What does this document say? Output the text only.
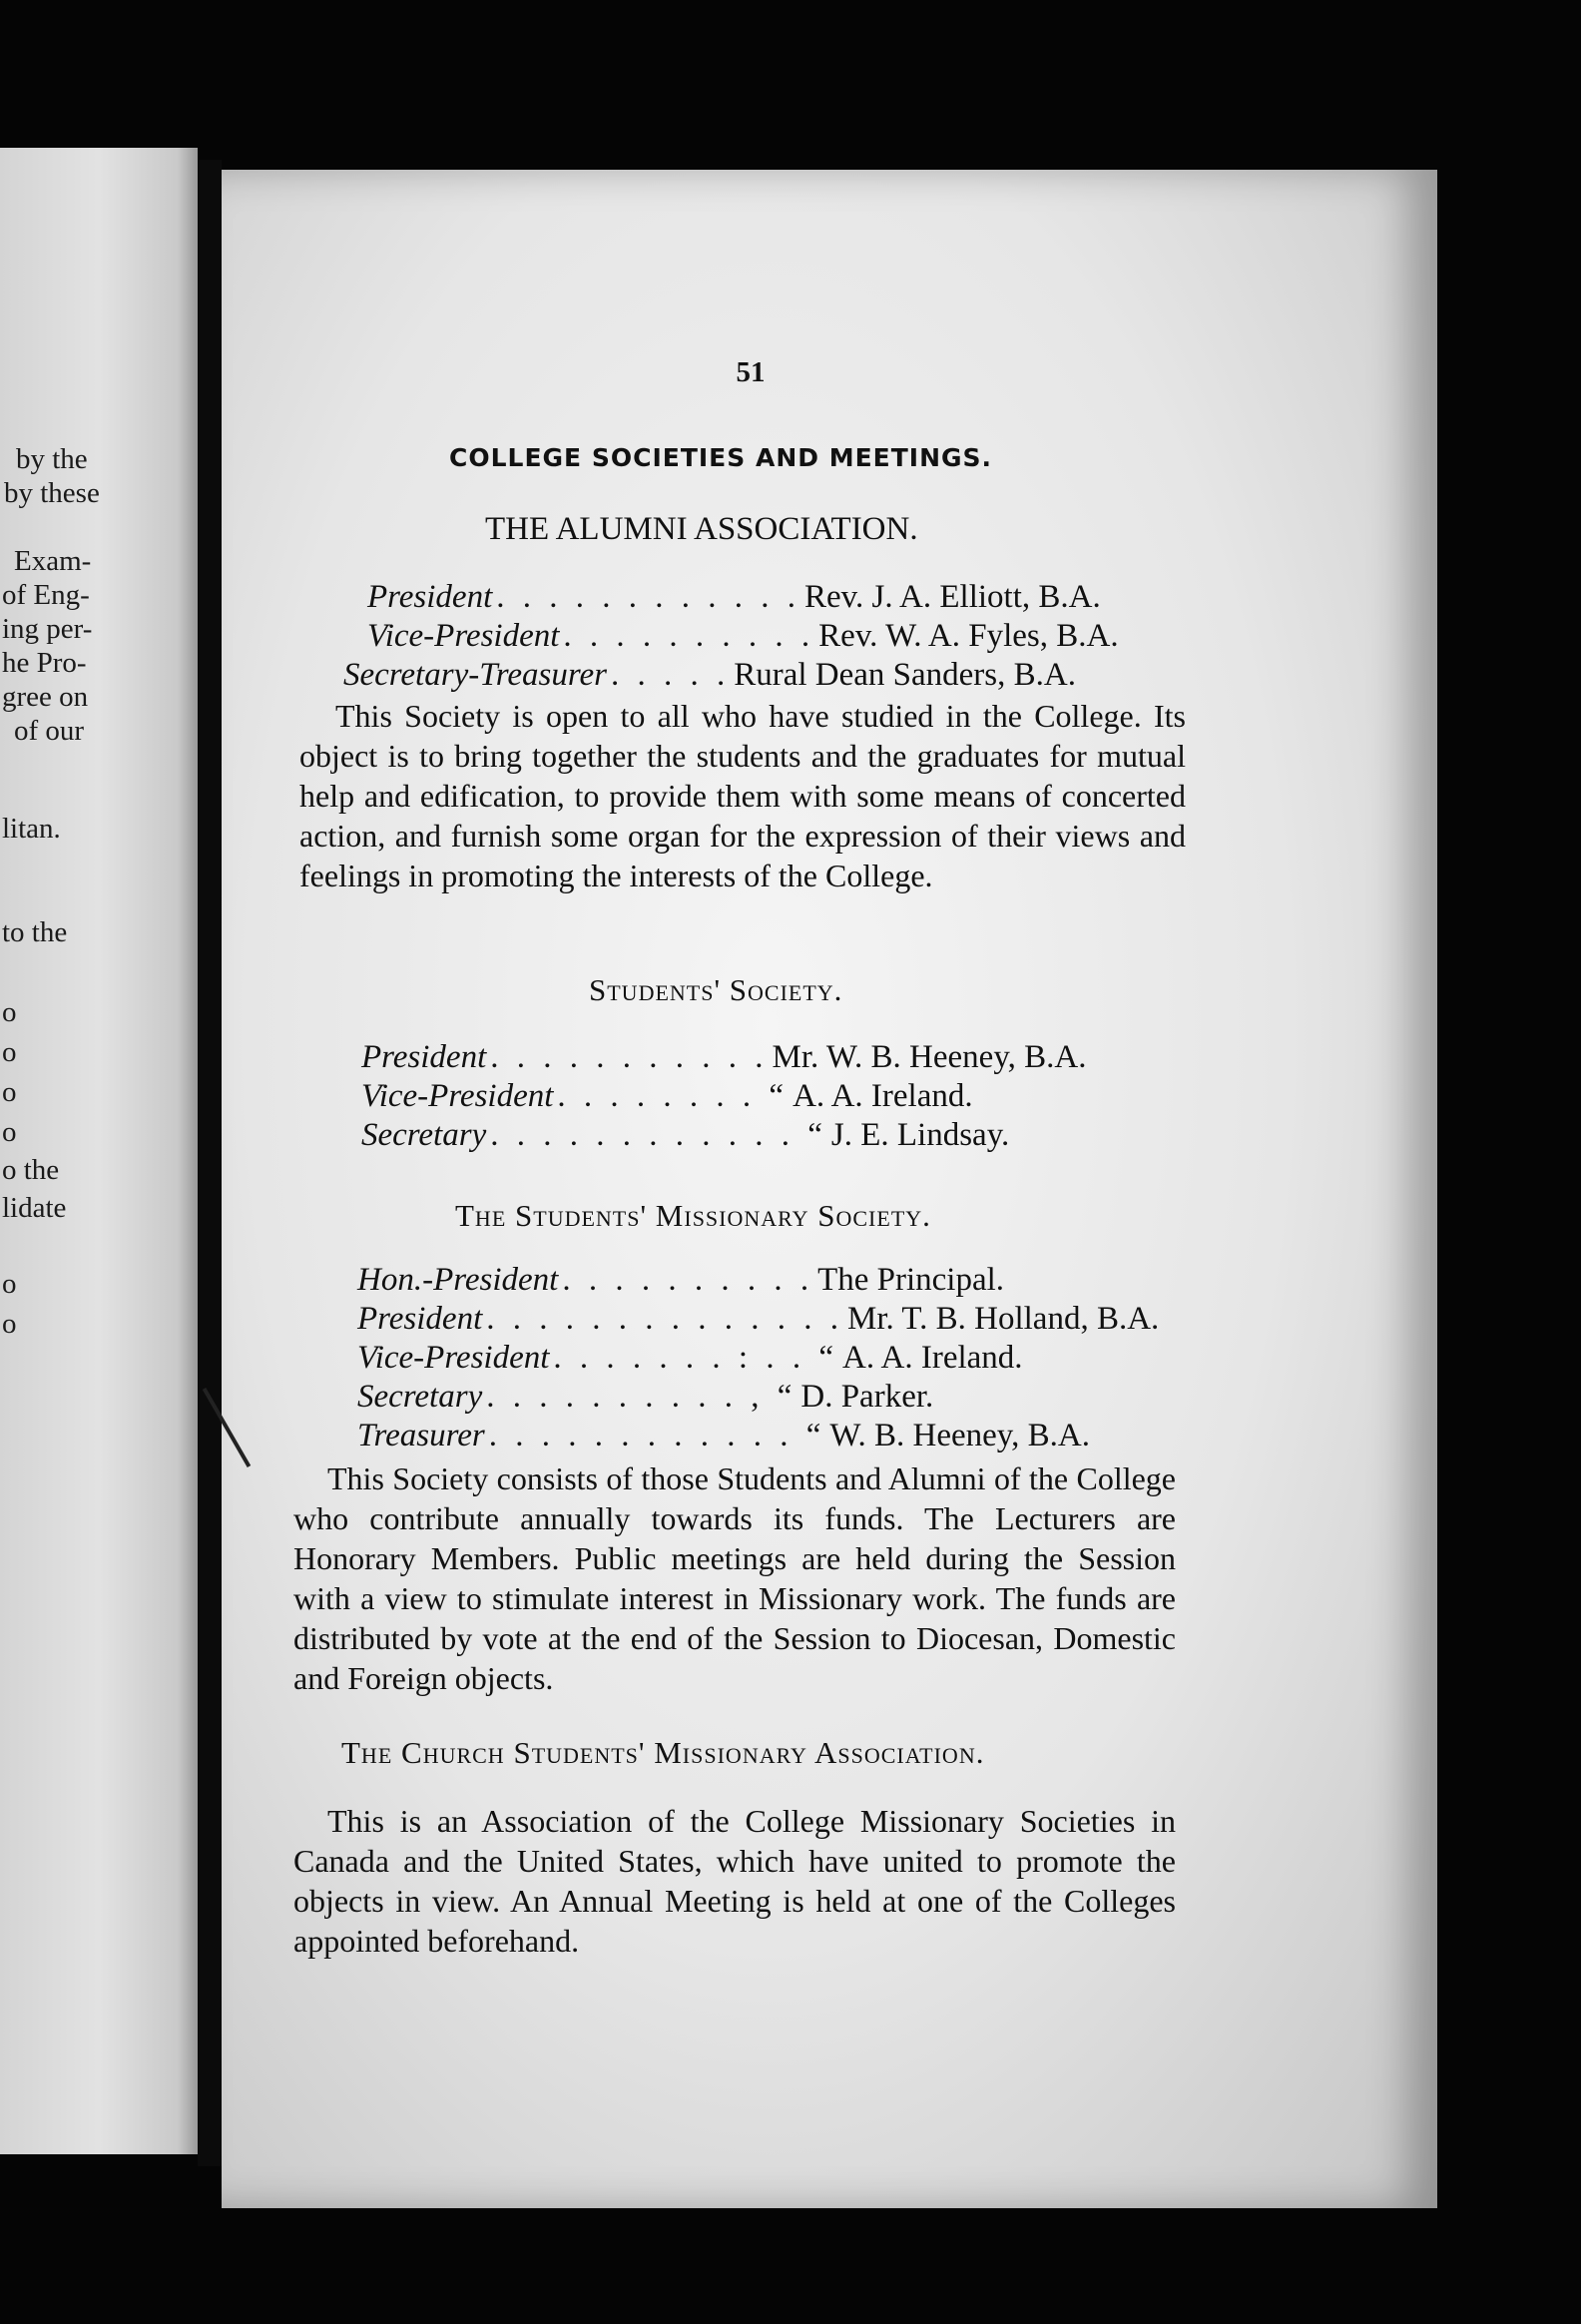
by the
by these
Exam-
of Eng-
ing per-
he Pro-
gree on
of our
litan.
to the
o
o
o
o
o the
lidate
o
o
51
COLLEGE SOCIETIES AND MEETINGS.
THE ALUMNI ASSOCIATION.
President . . . . . . . . . . . . Rev. J. A. Elliott, B.A.
Vice-President . . . . . . . . . . Rev. W. A. Fyles, B.A.
Secretary-Treasurer . . . . . Rural Dean Sanders, B.A.
This Society is open to all who have studied in the College. Its object is to bring together the students and the graduates for mutual help and edification, to provide them with some means of concerted action, and furnish some organ for the expression of their views and feelings in promoting the interests of the College.
Students' Society.
President . . . . . . . . . . . Mr. W. B. Heeney, B.A.
Vice-President . . . . . . . . “ A. A. Ireland.
Secretary . . . . . . . . . . . . “ J. E. Lindsay.
The Students' Missionary Society.
Hon.-President . . . . . . . . . . The Principal.
President . . . . . . . . . . . . . . Mr. T. B. Holland, B.A.
Vice-President . . . . . . . : . . “ A. A. Ireland.
Secretary . . . . . . . . . . , “ D. Parker.
Treasurer . . . . . . . . . . . . “ W. B. Heeney, B.A.
This Society consists of those Students and Alumni of the College who contribute annually towards its funds. The Lecturers are Honorary Members. Public meetings are held during the Session with a view to stimulate interest in Missionary work. The funds are distributed by vote at the end of the Session to Diocesan, Domestic and Foreign objects.
The Church Students' Missionary Association.
This is an Association of the College Missionary Societies in Canada and the United States, which have united to promote the objects in view. An Annual Meeting is held at one of the Colleges appointed beforehand.
